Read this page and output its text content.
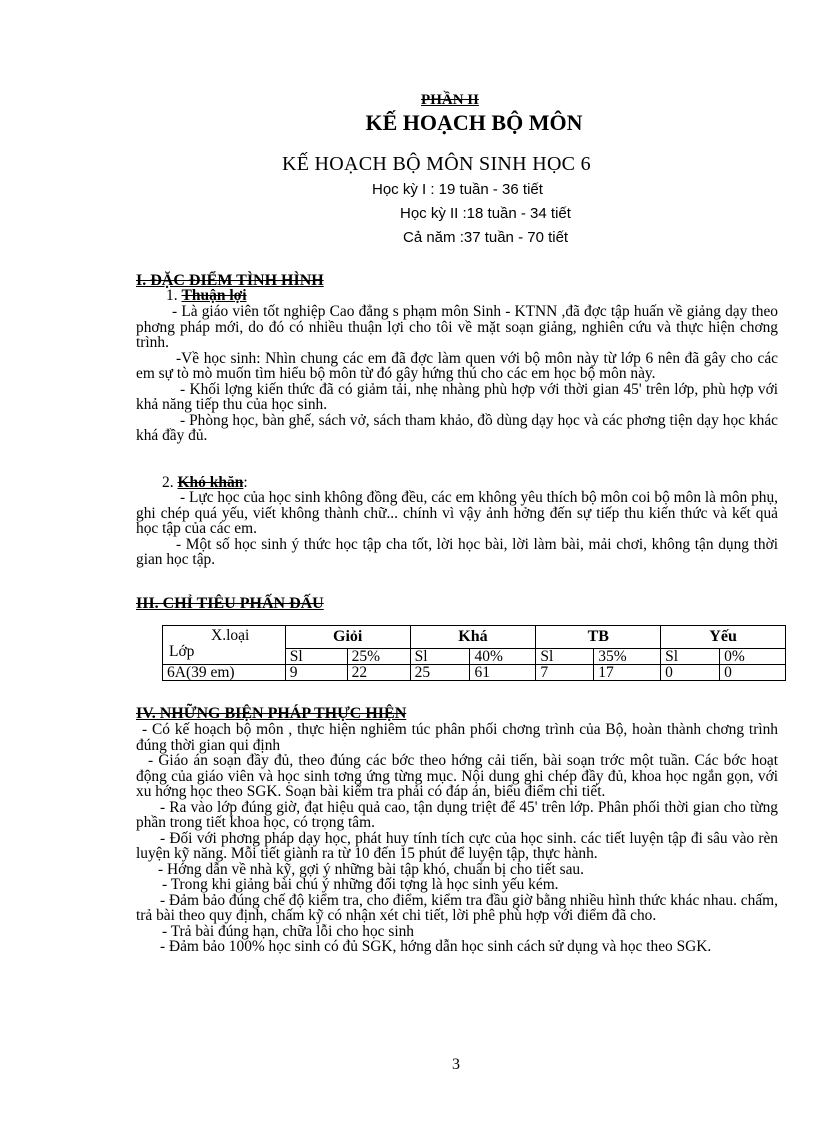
PHẦN II
KẾ HOẠCH BỘ MÔN
KẾ HOẠCH BỘ MÔN SINH HỌC 6
Học kỳ I : 19 tuần - 36 tiết
Học kỳ II :18 tuần - 34 tiết
Cả năm :37 tuần - 70 tiết
I. ĐẶC ĐIỂM TÌNH HÌNH
1. Thuận lợi

- Là giáo viên tốt nghiệp Cao đẳng s phạm môn Sinh - KTNN ,đã đợc tập huấn về giảng dạy theo phơng pháp mới, do đó có nhiều thuận lợi cho tôi về mặt soạn giảng, nghiên cứu và thực hiện chơng trình.

-Về học sinh: Nhìn chung các em đã đợc làm quen với bộ môn này từ lớp 6 nên đã gây cho các em sự tò mò muốn tìm hiểu bộ môn từ đó gây hứng thú cho các em học bộ môn này.

- Khối lợng kiến thức đã có giảm tải, nhẹ nhàng phù hợp với thời gian 45' trên lớp, phù hợp với khả năng tiếp thu của học sinh.

- Phòng học, bàn ghế, sách vở, sách tham khảo, đồ dùng dạy học và các phơng tiện dạy học khác khá đầy đủ.

2. Khó khăn:

- Lực học của học sinh không đồng đều, các em không yêu thích bộ môn coi bộ môn là môn phụ, ghi chép quá yếu, viết không thành chữ... chính vì vậy ảnh hởng đến sự tiếp thu kiến thức và kết quả học tập của các em.

- Một số học sinh ý thức học tập cha tốt, lời học bài, lời làm bài, mải chơi, không tận dụng thời gian học tập.

III. CHỈ TIÊU PHẤN ĐẤU
X.loại
Lớp	Giỏi		Khá		TB		Yếu	
	Sl	25%	Sl	40%	Sl	35%	Sl	0%
6A(39 em)	9	22	25	61	7	17	0	0
IV. NHỮNG BIỆN PHÁP THỰC HIỆN

- Có kế hoạch bộ môn , thực hiện nghiêm túc phân phối chơng trình của Bộ, hoàn thành chơng trình đúng thời gian qui định

- Giáo án soạn đầy đủ, theo đúng các bớc theo hớng cải tiến, bài soạn trớc một tuần. Các bớc hoạt động của giáo viên và học sinh tơng ứng từng mục. Nội dung ghi chép đầy đủ, khoa học ngắn gọn, với xu hớng học theo SGK. Soạn bài kiểm tra phải có đáp án, biểu điểm chi tiết.

- Ra vào lớp đúng giờ, đạt hiệu quả cao, tận dụng triệt để 45' trên lớp. Phân phối thời gian cho từng phần trong tiết khoa học, có trọng tâm.

- Đối với phơng pháp dạy học, phát huy tính tích cực của học sinh. các tiết luyện tập đi sâu vào rèn luyện kỹ năng. Mỗi tiết giành ra từ 10 đến 15 phút để luyện tập, thực hành.

- Hớng dẫn về nhà kỹ, gợi ý những bài tập khó, chuẩn bị cho tiết sau.

- Trong khi giảng bài chú ý những đối tợng là học sinh yếu kém.

- Đảm bảo đúng chế độ kiểm tra, cho điểm, kiểm tra đầu giờ bằng nhiều hình thức khác nhau. chấm, trả bài theo quy định, chấm kỹ có nhận xét chi tiết, lời phê phù hợp với điểm đã cho.

- Trả bài đúng hạn, chữa lỗi cho học sinh

- Đảm bảo 100% học sinh có đủ SGK, hớng dẫn học sinh cách sử dụng và học theo SGK.

3
